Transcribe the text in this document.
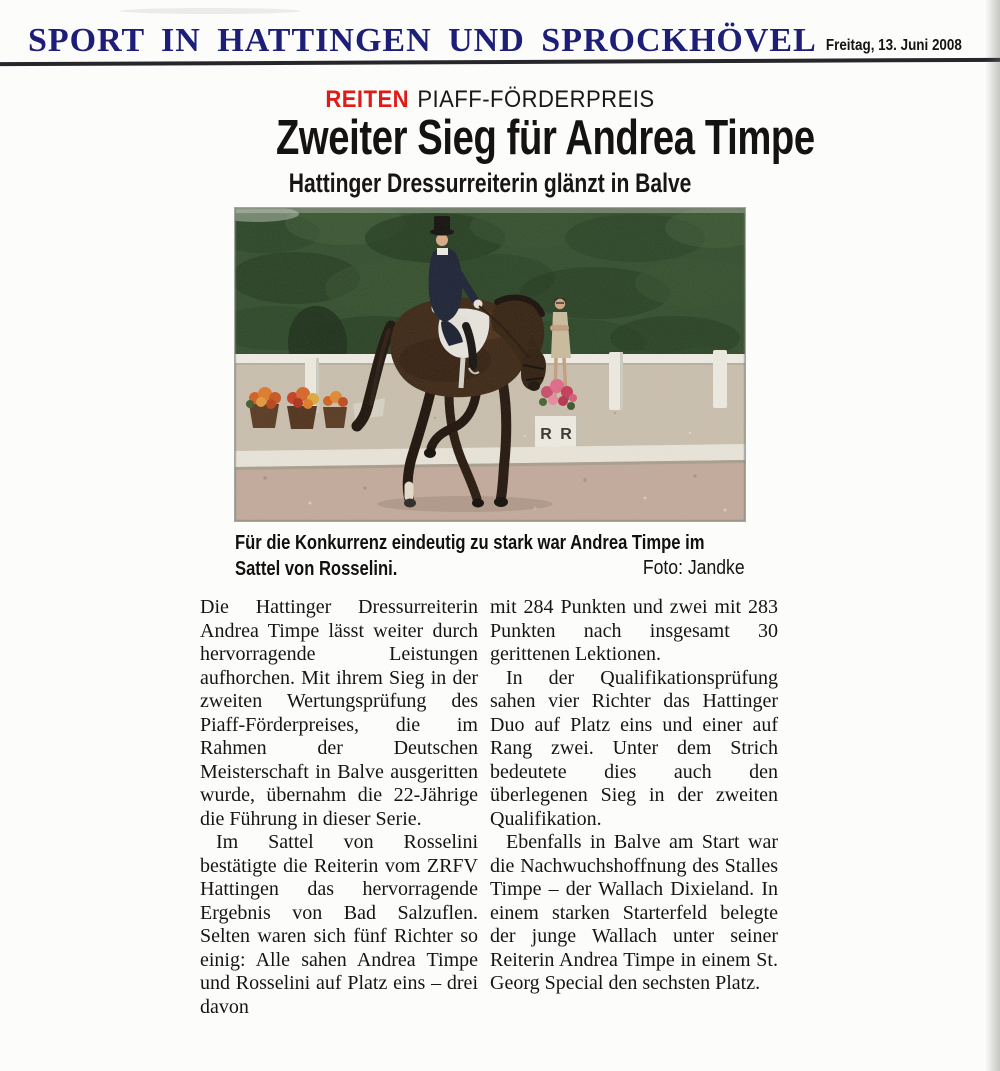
SPORT IN HATTINGEN UND SPROCKHÖVEL Freitag, 13. Juni 2008
REITEN PIAFF-FÖRDERPREIS
Zweiter Sieg für Andrea Timpe
Hattinger Dressurreiterin glänzt in Balve

Für die Konkurrenz eindeutig zu stark war Andrea Timpe im Sattel von Rosselini.	Foto: Jandke

Die Hattinger Dressurreiterin Andrea Timpe lässt weiter durch hervorragende Leistungen aufhorchen. Mit ihrem Sieg in der zweiten Wertungsprüfung des Piaff-Förderpreises, die im Rahmen der Deutschen Meisterschaft in Balve ausgeritten wurde, übernahm die 22-Jährige die Führung in dieser Serie.

Im Sattel von Rosselini bestätigte die Reiterin vom ZRFV Hattingen das hervorragende Ergebnis von Bad Salzuflen. Selten waren sich fünf Richter so einig: Alle sahen Andrea Timpe und Rosselini auf Platz eins – drei davon

mit 284 Punkten und zwei mit 283 Punkten nach insgesamt 30 gerittenen Lektionen.

In der Qualifikationsprüfung sahen vier Richter das Hattinger Duo auf Platz eins und einer auf Rang zwei. Unter dem Strich bedeutete dies auch den überlegenen Sieg in der zweiten Qualifikation.

Ebenfalls in Balve am Start war die Nachwuchshoffnung des Stalles Timpe – der Wallach Dixieland. In einem starken Starterfeld belegte der junge Wallach unter seiner Reiterin Andrea Timpe in einem St. Georg Special den sechsten Platz.
